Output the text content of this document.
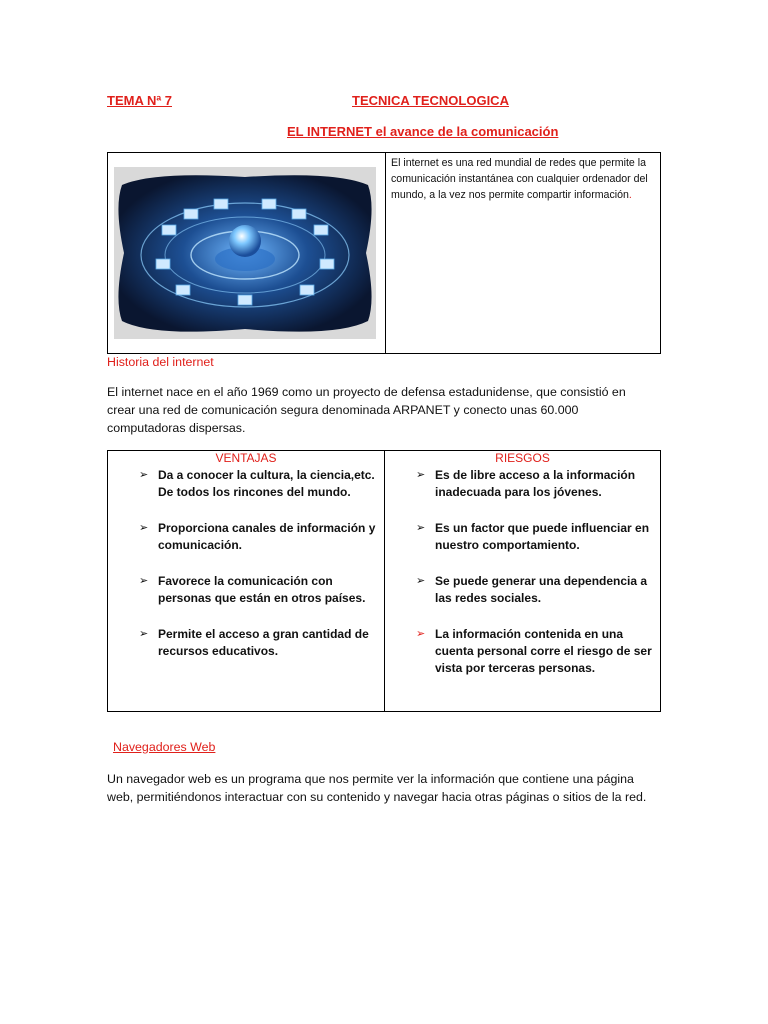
TEMA Nª 7	TECNICA TECNOLOGICA
EL INTERNET el avance de la comunicación
El internet es una red mundial de redes que permite la comunicación instantánea con cualquier ordenador del mundo, a la vez nos permite compartir información.
Historia del internet
El internet nace en el año 1969 como un proyecto de defensa estadunidense, que consistió en crear una red de comunicación segura denominada ARPANET y conecto unas 60.000 computadoras dispersas.
VENTAJAS	RIESGOS
➢ Da a conocer la cultura, la ciencia,etc. De todos los rincones del mundo.
➢ Proporciona canales de información y comunicación.
➢ Favorece la comunicación con personas que están en otros países.
➢ Permite el acceso a gran cantidad de recursos educativos.
➢ Es de libre acceso a la información inadecuada para los jóvenes.
➢ Es un factor que puede influenciar en nuestro comportamiento.
➢ Se puede generar una dependencia a las redes sociales.
➢ La información contenida en una cuenta personal corre el riesgo de ser vista por terceras personas.
Navegadores Web
Un navegador web es un programa que nos permite ver la información que contiene una página web, permitiéndonos interactuar con su contenido y navegar hacia otras páginas o sitios de la red.
